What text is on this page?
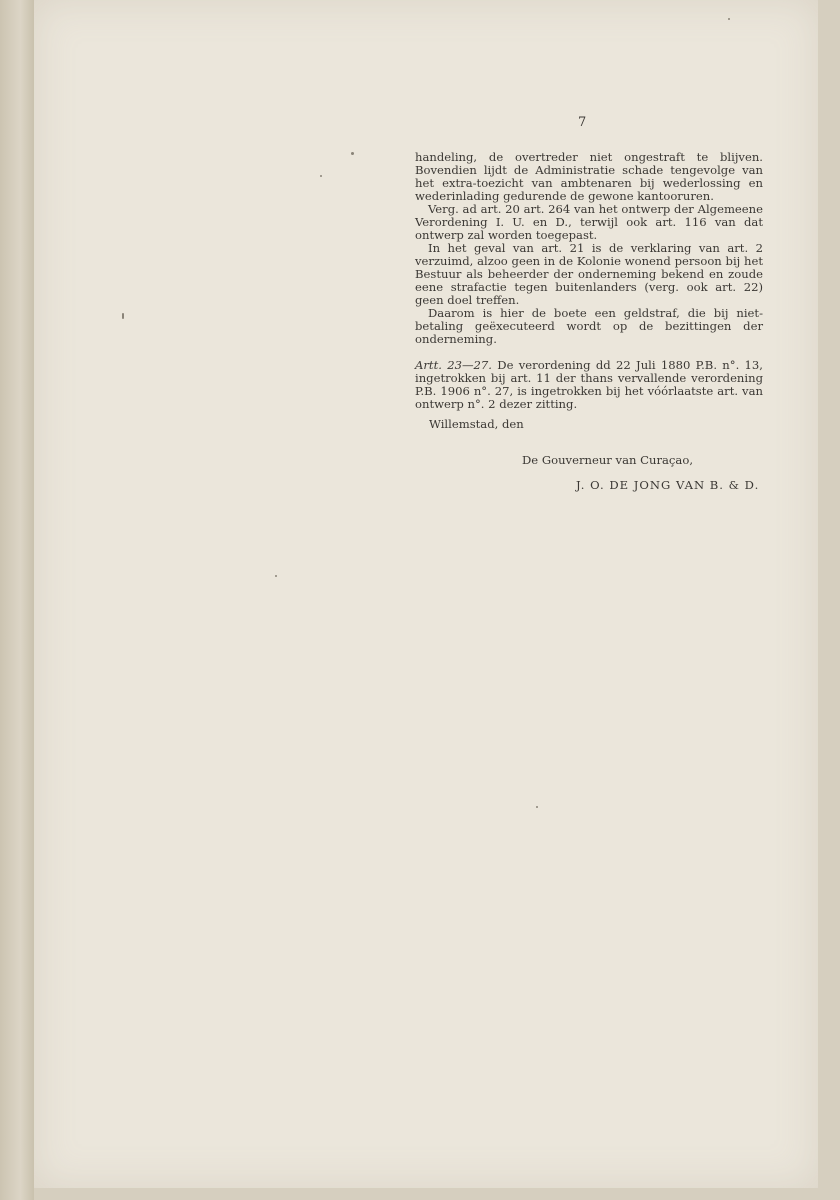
7

handeling, de overtreder niet ongestraft te blijven. Bovendien lijdt de Administratie schade tengevolge van het extra-toezicht van ambtenaren bij wederlossing en wederinlading gedurende de gewone kantooruren.

Verg. ad art. 20 art. 264 van het ontwerp der Algemeene Verordening I. U. en D., terwijl ook art. 116 van dat ontwerp zal worden toegepast.

In het geval van art. 21 is de verklaring van art. 2 verzuimd, alzoo geen in de Kolonie wonend persoon bij het Bestuur als beheerder der onderneming bekend en zoude eene strafactie tegen buitenlanders (verg. ook art. 22) geen doel treffen.

Daarom is hier de boete een geldstraf, die bij niet-betaling geëxecuteerd wordt op de bezittingen der onderneming.

Artt. 23—27. De verordening dd 22 Juli 1880 P.B. n°. 13, ingetrokken bij art. 11 der thans vervallende verordening P.B. 1906 n°. 27, is ingetrokken bij het vóórlaatste art. van ontwerp n°. 2 dezer zitting.

Willemstad, den
De Gouverneur van Curaçao,
J. O. DE JONG VAN B. & D.
